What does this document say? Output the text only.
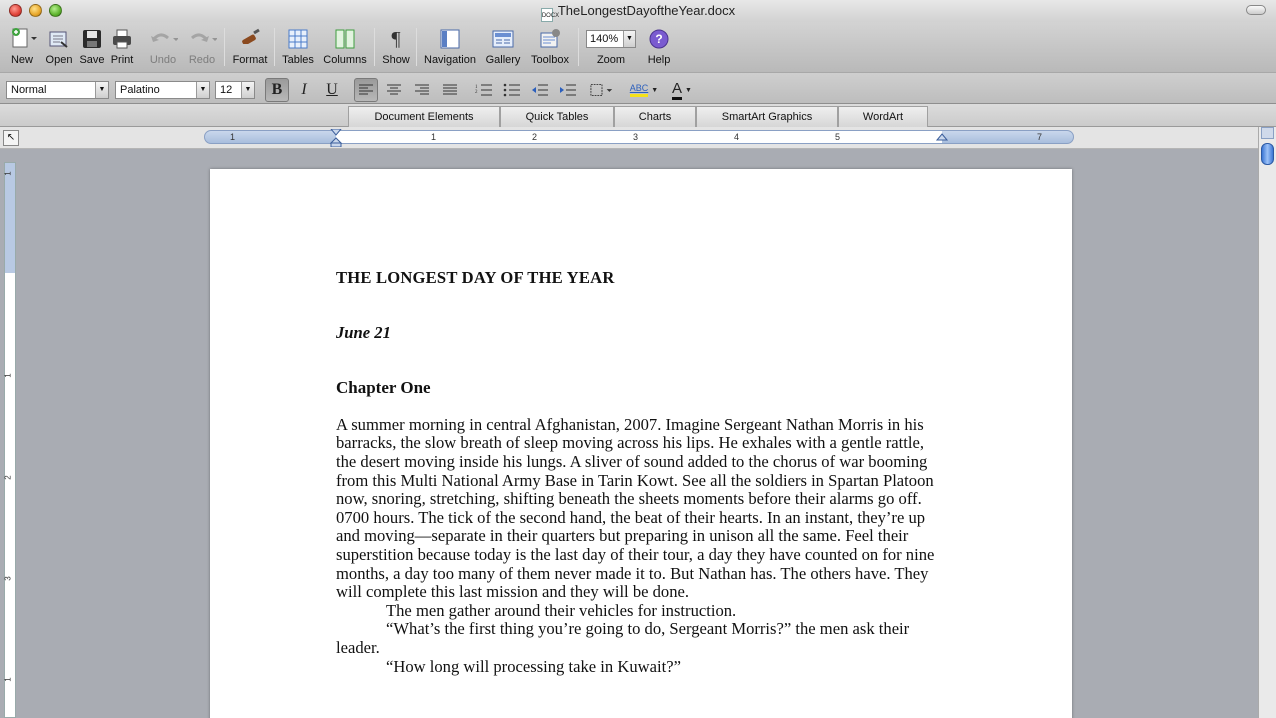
DOCXTheLongestDayoftheYear.docx
New	Open Save Print	Undo	Redo	Format	Tables Columns
¶
Show	Navigation Gallery Toolbox
140%	▼
Zoom
?
Help
Normal	▼	Palatino	▼	12	▼	B	I	U	1
2	ABC ▼ A ▼
Document Elements	Quick Tables	Charts	SmartArt Graphics	WordArt
↖	1	1	2	3	4	5	7
1
1
2
3
1

THE LONGEST DAY OF THE YEAR

June 21

Chapter One

A summer morning in central Afghanistan, 2007. Imagine Sergeant Nathan Morris in his barracks, the slow breath of sleep moving across his lips. He exhales with a gentle rattle, the desert moving inside his lungs. A sliver of sound added to the chorus of war booming from this Multi National Army Base in Tarin Kowt. See all the soldiers in Spartan Platoon now, snoring, stretching, shifting beneath the sheets moments before their alarms go off. 0700 hours. The tick of the second hand, the beat of their hearts. In an instant, they’re up and moving—separate in their quarters but preparing in unison all the same. Feel their superstition because today is the last day of their tour, a day they have counted on for nine months, a day too many of them never made it to. But Nathan has. The others have. They will complete this last mission and they will be done.

The men gather around their vehicles for instruction.

“What’s the first thing you’re going to do, Sergeant Morris?” the men ask their leader.

“How long will processing take in Kuwait?”
